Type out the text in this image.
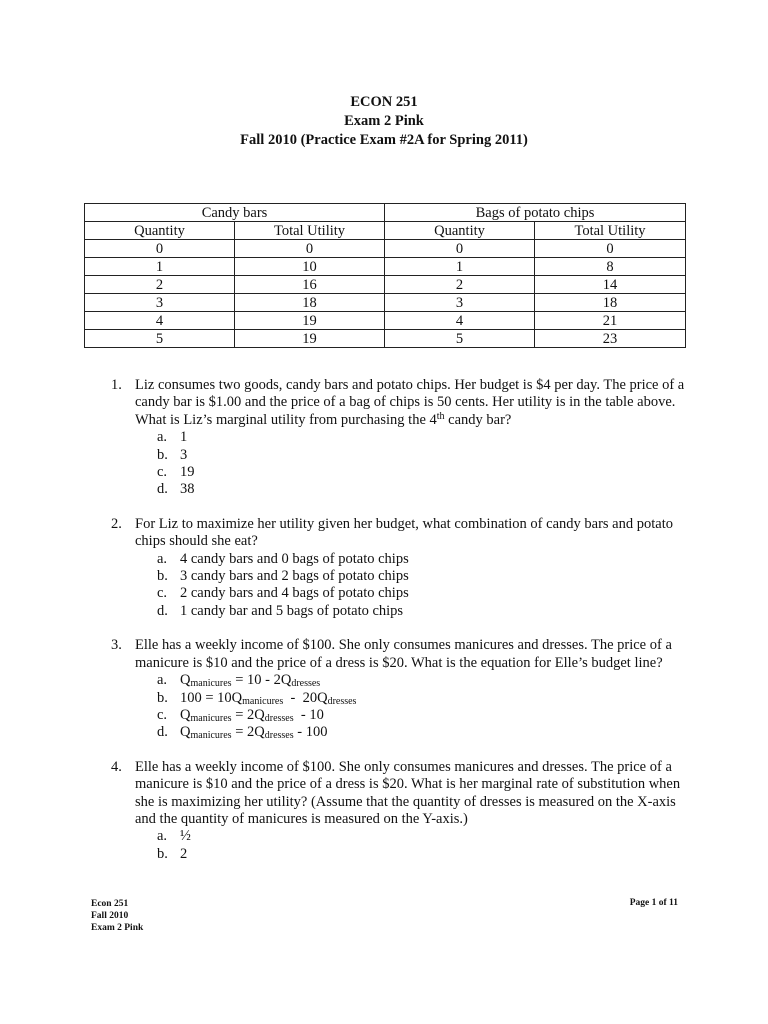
ECON 251
Exam 2 Pink
Fall 2010 (Practice Exam #2A for Spring 2011)
Candy bars		Bags of potato chips	
Quantity	Total Utility	Quantity	Total Utility
0	0	0	0
1	10	1	8
2	16	2	14
3	18	3	18
4	19	4	21
5	19	5	23
1. Liz consumes two goods, candy bars and potato chips. Her budget is $4 per day. The price of a candy bar is $1.00 and the price of a bag of chips is 50 cents. Her utility is in the table above. What is Liz’s marginal utility from purchasing the 4th candy bar?
a. 1
b. 3
c. 19
d. 38
2. For Liz to maximize her utility given her budget, what combination of candy bars and potato chips should she eat?
a. 4 candy bars and 0 bags of potato chips
b. 3 candy bars and 2 bags of potato chips
c. 2 candy bars and 4 bags of potato chips
d. 1 candy bar and 5 bags of potato chips
3. Elle has a weekly income of $100. She only consumes manicures and dresses. The price of a manicure is $10 and the price of a dress is $20. What is the equation for Elle’s budget line?
a. $Q_{manicures} = 10 - 2Q_{dresses}$
b. $100 = 10Q_{manicures} - 20Q_{dresses}$
c. $Q_{manicures} = 2Q_{dresses} - 10$
d. $Q_{manicures} = 2Q_{dresses} - 100$
4. Elle has a weekly income of $100. She only consumes manicures and dresses. The price of a manicure is $10 and the price of a dress is $20. What is her marginal rate of substitution when she is maximizing her utility? (Assume that the quantity of dresses is measured on the X-axis and the quantity of manicures is measured on the Y-axis.)
a. ½
b. 2
Econ 251
Fall 2010
Exam 2 Pink
Page 1 of 11
